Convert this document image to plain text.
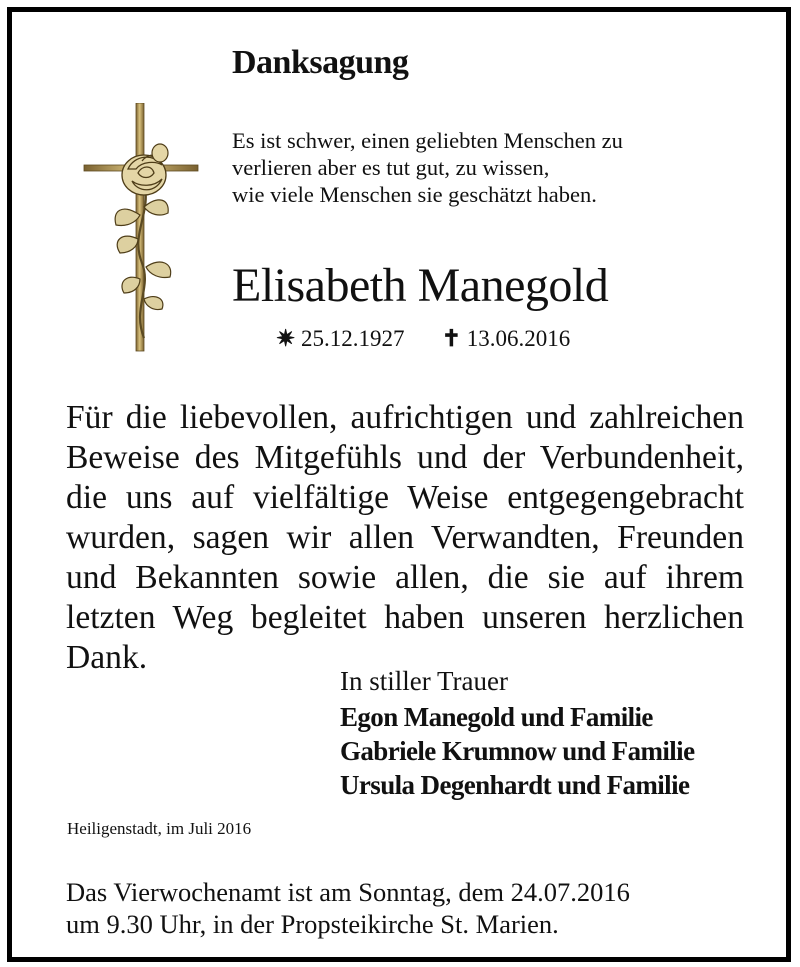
Danksagung
Es ist schwer, einen geliebten Menschen zu
verlieren aber es tut gut, zu wissen,
wie viele Menschen sie geschätzt haben.
Elisabeth Manegold
✷ 25.12.1927 ✝ 13.06.2016
Für die liebevollen, aufrichtigen und zahlreichen
Beweise des Mitgefühls und der Verbundenheit,
die uns auf vielfältige Weise entgegengebracht
wurden, sagen wir allen Verwandten, Freunden
und Bekannten sowie allen, die sie auf ihrem
letzten Weg begleitet haben unseren herzlichen
Dank.
In stiller Trauer
Egon Manegold und Familie
Gabriele Krumnow und Familie
Ursula Degenhardt und Familie
Heiligenstadt, im Juli 2016
Das Vierwochenamt ist am Sonntag, dem 24.07.2016
um 9.30 Uhr, in der Propsteikirche St. Marien.
